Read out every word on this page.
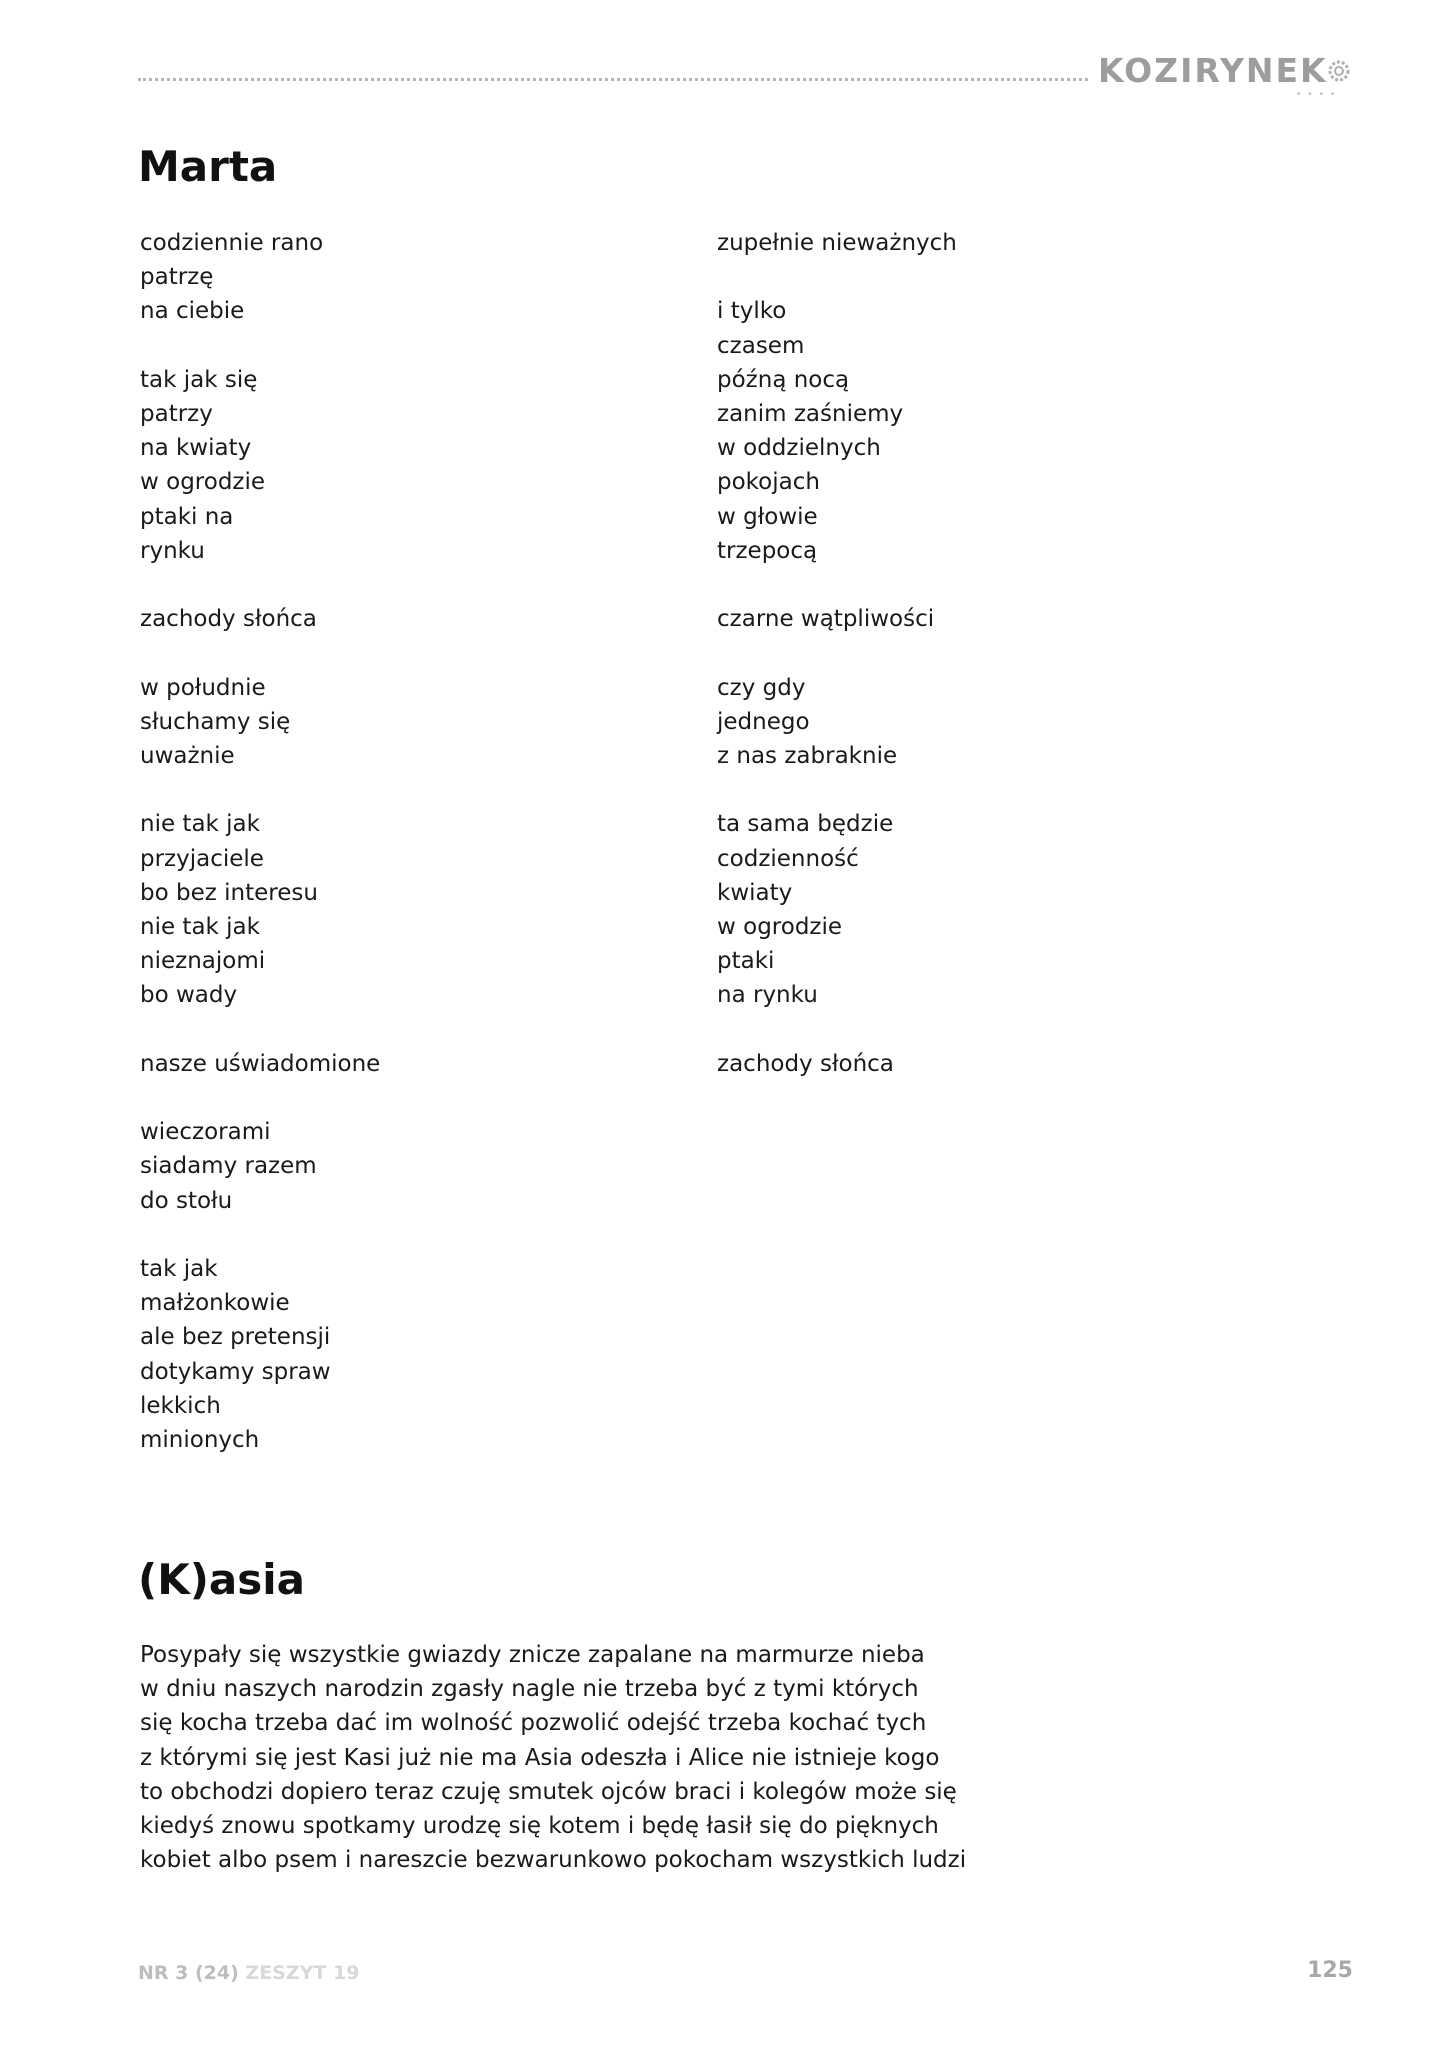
KOZIRYNEK
••••
Marta
codziennie rano
patrzę
na ciebie
tak jak się
patrzy
na kwiaty
w ogrodzie
ptaki na
rynku
zachody słońca
w południe
słuchamy się
uważnie
nie tak jak
przyjaciele
bo bez interesu
nie tak jak
nieznajomi
bo wady
nasze uświadomione
wieczorami
siadamy razem
do stołu
tak jak
małżonkowie
ale bez pretensji
dotykamy spraw
lekkich
minionych
zupełnie nieważnych
i tylko
czasem
późną nocą
zanim zaśniemy
w oddzielnych
pokojach
w głowie
trzepocą
czarne wątpliwości
czy gdy
jednego
z nas zabraknie
ta sama będzie
codzienność
kwiaty
w ogrodzie
ptaki
na rynku
zachody słońca
(K)asia
Posypały się wszystkie gwiazdy znicze zapalane na marmurze nieba
w dniu naszych narodzin zgasły nagle nie trzeba być z tymi których
się kocha trzeba dać im wolność pozwolić odejść trzeba kochać tych
z którymi się jest Kasi już nie ma Asia odeszła i Alice nie istnieje kogo
to obchodzi dopiero teraz czuję smutek ojców braci i kolegów może się
kiedyś znowu spotkamy urodzę się kotem i będę łasił się do pięknych
kobiet albo psem i nareszcie bezwarunkowo pokocham wszystkich ludzi
NR 3 (24) ZESZYT 19	125
